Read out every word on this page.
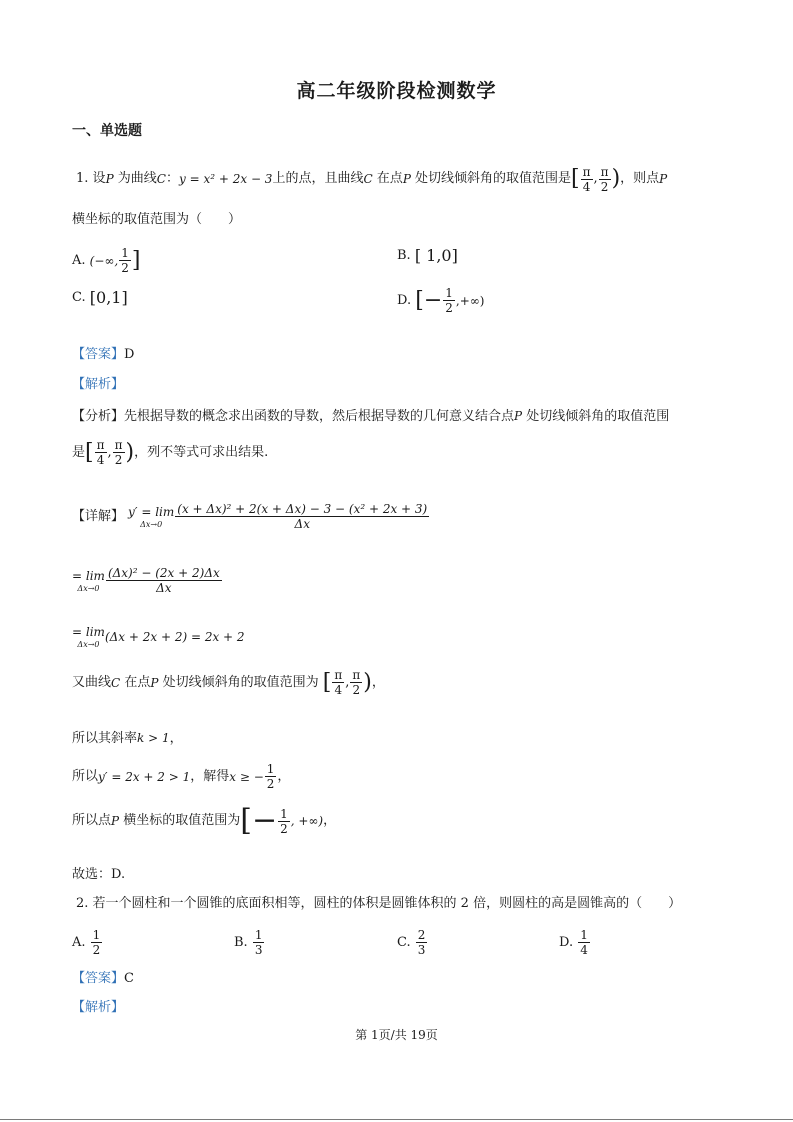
高二年级阶段检测数学
一、单选题
1.
设 P
为曲线 C ： y = x² + 2x − 3 上的点，且曲线 C
在点 P
处切线倾斜角的取值范围是 [ $\frac{\pi}{4}$ , $\frac{\pi}{2}$ ) ，则点 P
横坐标的取值范围为（　　）
A.
(−∞, $\frac{1}{2}$ ]	B.
[ 1,0]
C.
[0,1]	D.
[− $\frac{1}{2}$ ,+∞)
【答案】D
【解析】
【分析】先根据导数的概念求出函数的导数，然后根据导数的几何意义结合点P 处切线倾斜角的取值范围
是 [ $\frac{\pi}{4}$ , $\frac{\pi}{2}$ ) ，列不等式可求出结果.
【详解】 y′ = lim
$\Delta x\to 0 \frac{\text{(x + Δx)² + 2(x + Δx) − 3 − (x² + 2x + 3)}}{\Delta x}$
= lim
$\Delta x\to 0 \frac{\text{(Δx)² − (2x + 2)Δx}}{\Delta x}$
= lim
Δx→0
(Δx + 2x + 2) = 2x + 2
又曲线 C
在点 P
处切线倾斜角的取值范围为
[ $\frac{\pi}{4}$ , $\frac{\pi}{2}$ ) ，
所以其斜率k > 1，
所以 y′ = 2x + 2 > 1 ，解得 x ≥ − $\frac{1}{2}$ ，
所以点 P
横坐标的取值范围为 [− $\frac{1}{2}$ , +∞) ，
故选：D.
2. 若一个圆柱和一个圆锥的底面积相等，圆柱的体积是圆锥体积的 2 倍，则圆柱的高是圆锥高的（　　）
A.
$\frac{1}{2}$	B.
$\frac{1}{3}$	C.
$\frac{2}{3}$	D.
$\frac{1}{4}$
【答案】C
【解析】
第 1页/共 19页
